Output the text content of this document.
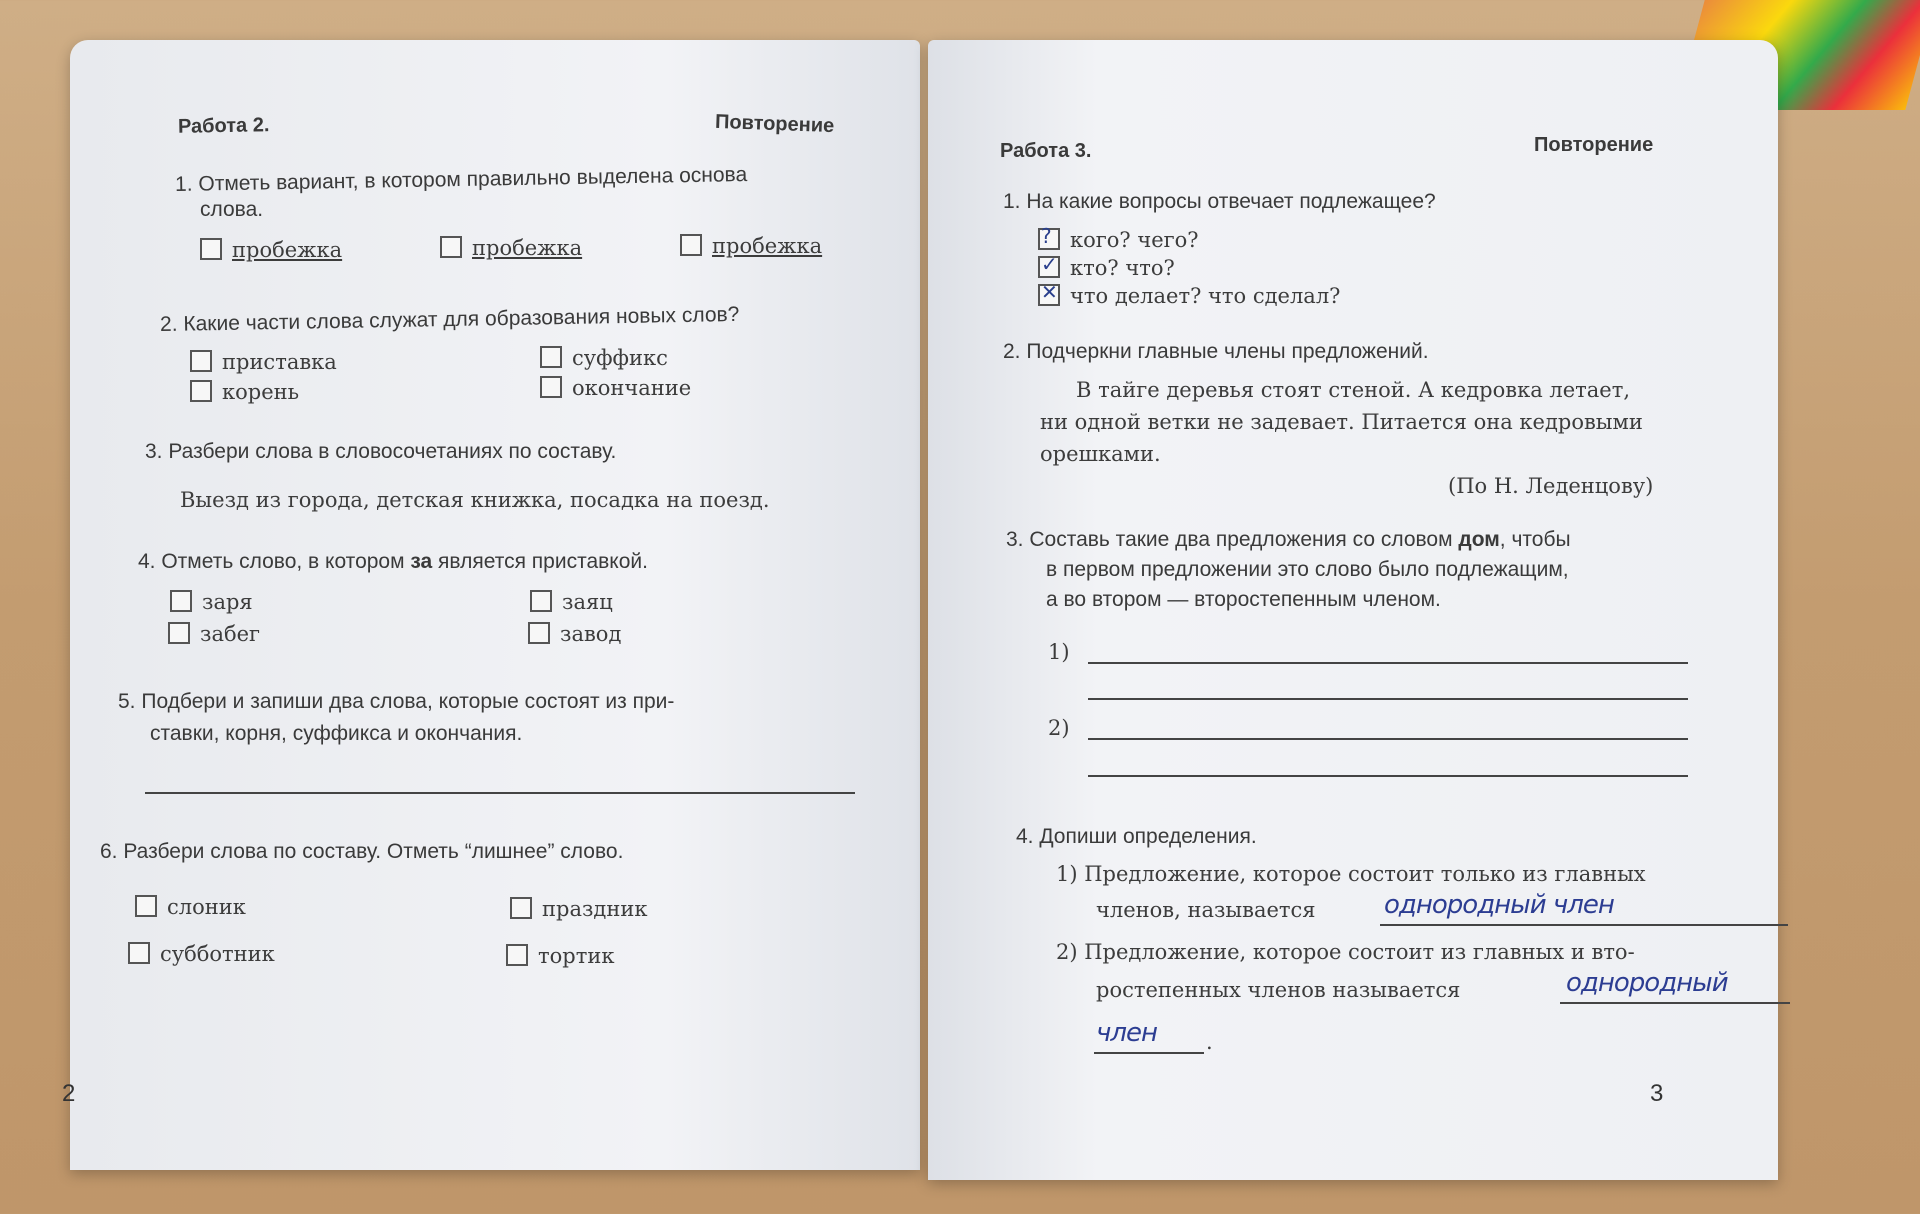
Работа 2.	Повторение
1. Отметь вариант, в котором правильно выделена основа
слова.
пробежка	пробежка	пробежка
2. Какие части слова служат для образования новых слов?
приставка	суффикс
корень	окончание
3. Разбери слова в словосочетаниях по составу.
Выезд из города, детская книжка, посадка на поезд.
4. Отметь слово, в котором за является приставкой.
заря	заяц
забег	завод
5. Подбери и запиши два слова, которые состоят из при-
ставки, корня, суффикса и окончания.
6. Разбери слова по составу. Отметь “лишнее” слово.
слоник	праздник
субботник	тортик
2
Работа 3.	Повторение
1. На какие вопросы отвечает подлежащее?
? кого? чего?
✓ кто? что?
✕ что делает? что сделал?
2. Подчеркни главные члены предложений.
В тайге деревья стоят стеной. А кедровка летает,
ни одной ветки не задевает. Питается она кедровыми
орешками.
(По Н. Леденцову)
3. Составь такие два предложения со словом дом, чтобы
в первом предложении это слово было подлежащим,
а во втором — второстепенным членом.
1)
2)
4. Допиши определения.
1) Предложение, которое состоит только из главных
членов, называется	однородный член
2) Предложение, которое состоит из главных и вто-
ростепенных членов называется	однородный
член .
3
